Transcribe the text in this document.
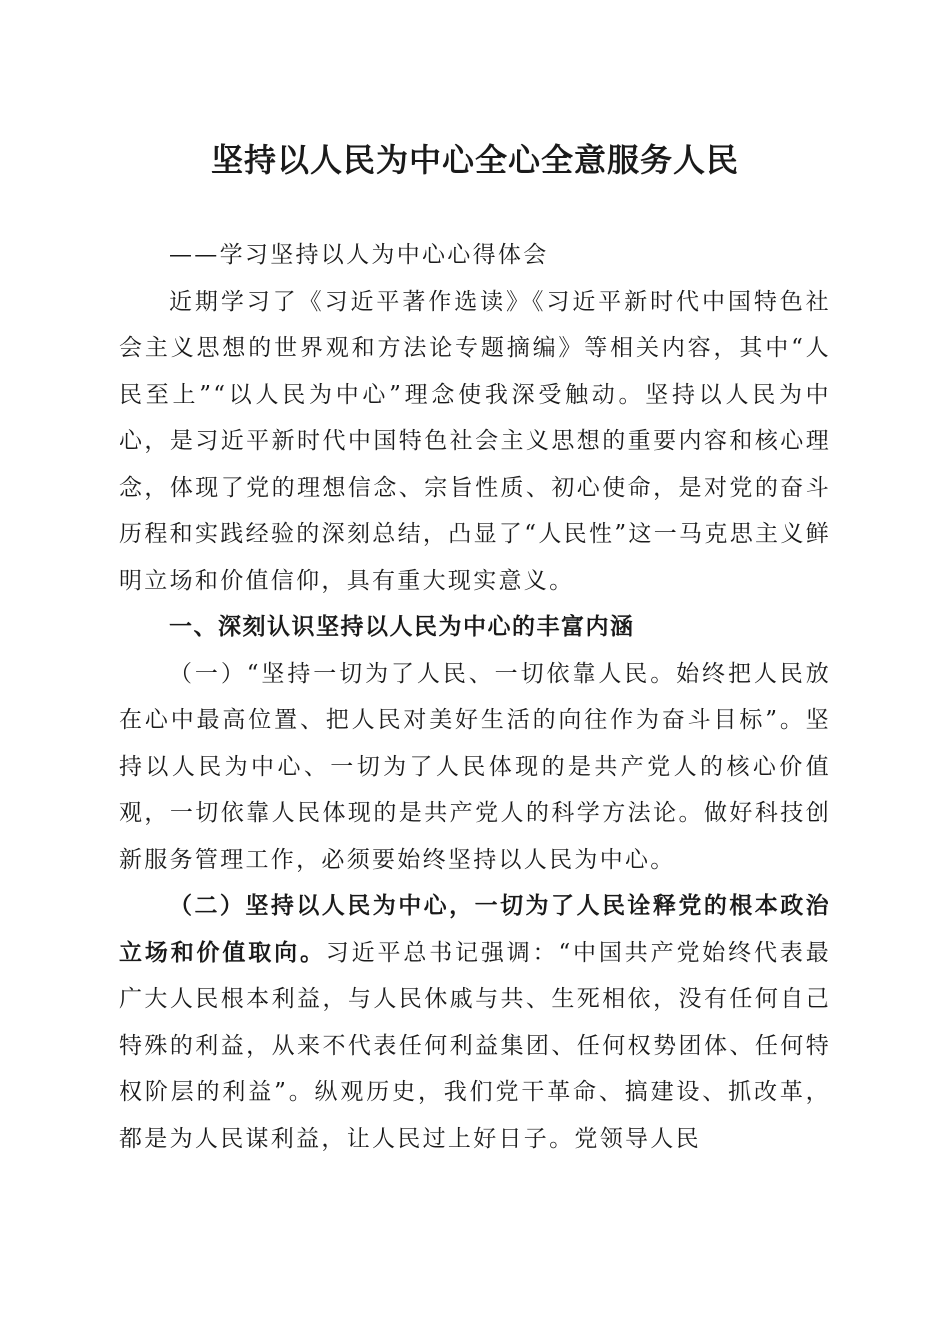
坚持以人民为中心全心全意服务人民

——学习坚持以人为中心心得体会

近期学习了《习近平著作选读》《习近平新时代中国特色社会主义思想的世界观和方法论专题摘编》等相关内容，其中“人民至上”“以人民为中心”理念使我深受触动。坚持以人民为中心，是习近平新时代中国特色社会主义思想的重要内容和核心理念，体现了党的理想信念、宗旨性质、初心使命，是对党的奋斗历程和实践经验的深刻总结，凸显了“人民性”这一马克思主义鲜明立场和价值信仰，具有重大现实意义。

一、深刻认识坚持以人民为中心的丰富内涵

（一）“坚持一切为了人民、一切依靠人民。始终把人民放在心中最高位置、把人民对美好生活的向往作为奋斗目标”。坚持以人民为中心、一切为了人民体现的是共产党人的核心价值观，一切依靠人民体现的是共产党人的科学方法论。做好科技创新服务管理工作，必须要始终坚持以人民为中心。

（二）坚持以人民为中心，一切为了人民诠释党的根本政治立场和价值取向。习近平总书记强调：“中国共产党始终代表最广大人民根本利益，与人民休戚与共、生死相依，没有任何自己特殊的利益，从来不代表任何利益集团、任何权势团体、任何特权阶层的利益”。纵观历史，我们党干革命、搞建设、抓改革，都是为人民谋利益，让人民过上好日子。党领导人民
